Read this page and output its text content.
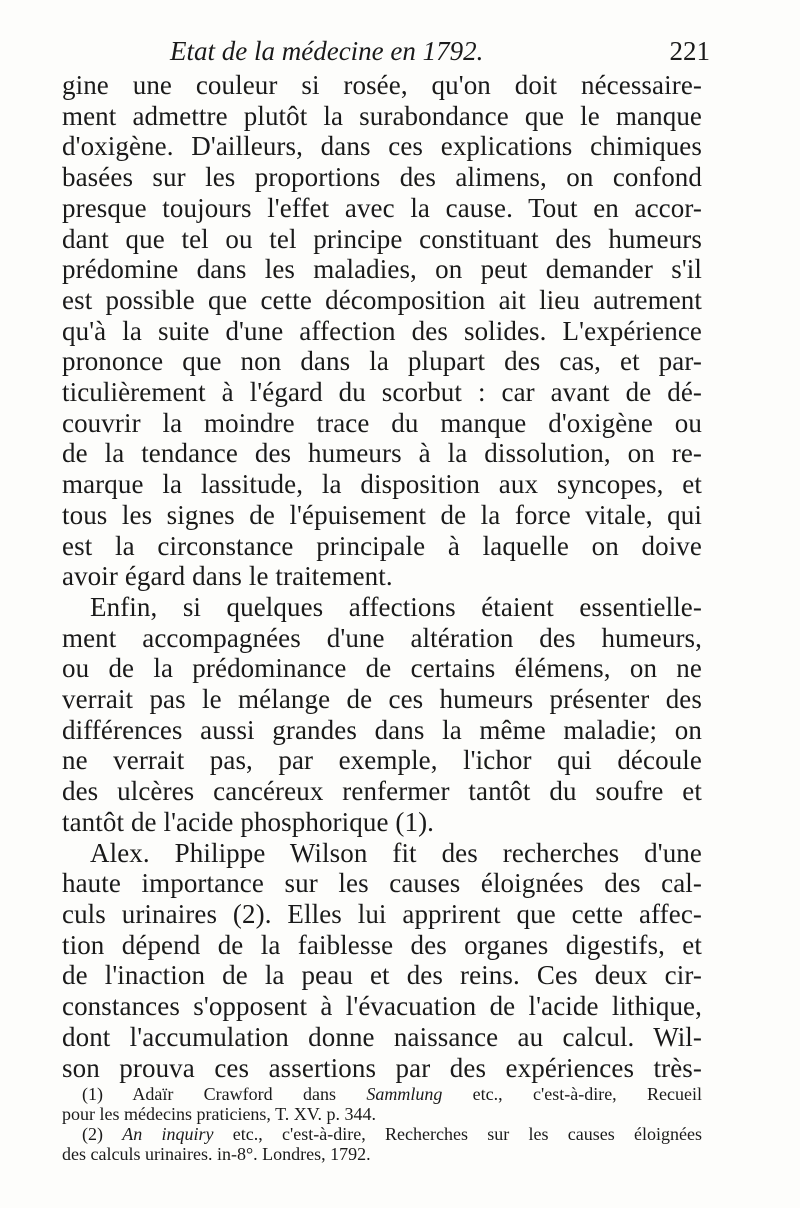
Etat de la médecine en 1792.	221
gine une couleur si rosée, qu'on doit nécessaire-
ment admettre plutôt la surabondance que le manque
d'oxigène. D'ailleurs, dans ces explications chimiques
basées sur les proportions des alimens, on confond
presque toujours l'effet avec la cause. Tout en accor-
dant que tel ou tel principe constituant des humeurs
prédomine dans les maladies, on peut demander s'il
est possible que cette décomposition ait lieu autrement
qu'à la suite d'une affection des solides. L'expérience
prononce que non dans la plupart des cas, et par-
ticulièrement à l'égard du scorbut : car avant de dé-
couvrir la moindre trace du manque d'oxigène ou
de la tendance des humeurs à la dissolution, on re-
marque la lassitude, la disposition aux syncopes, et
tous les signes de l'épuisement de la force vitale, qui
est la circonstance principale à laquelle on doive
avoir égard dans le traitement.
Enfin, si quelques affections étaient essentielle-
ment accompagnées d'une altération des humeurs,
ou de la prédominance de certains élémens, on ne
verrait pas le mélange de ces humeurs présenter des
différences aussi grandes dans la même maladie; on
ne verrait pas, par exemple, l'ichor qui découle
des ulcères cancéreux renfermer tantôt du soufre et
tantôt de l'acide phosphorique (1).
Alex. Philippe Wilson fit des recherches d'une
haute importance sur les causes éloignées des cal-
culs urinaires (2). Elles lui apprirent que cette affec-
tion dépend de la faiblesse des organes digestifs, et
de l'inaction de la peau et des reins. Ces deux cir-
constances s'opposent à l'évacuation de l'acide lithique,
dont l'accumulation donne naissance au calcul. Wil-
son prouva ces assertions par des expériences très-
(1) Adaïr Crawford dans Sammlung etc., c'est-à-dire, Recueil
pour les médecins praticiens, T. XV. p. 344.
(2) An inquiry etc., c'est-à-dire, Recherches sur les causes éloignées
des calculs urinaires. in-8°. Londres, 1792.
